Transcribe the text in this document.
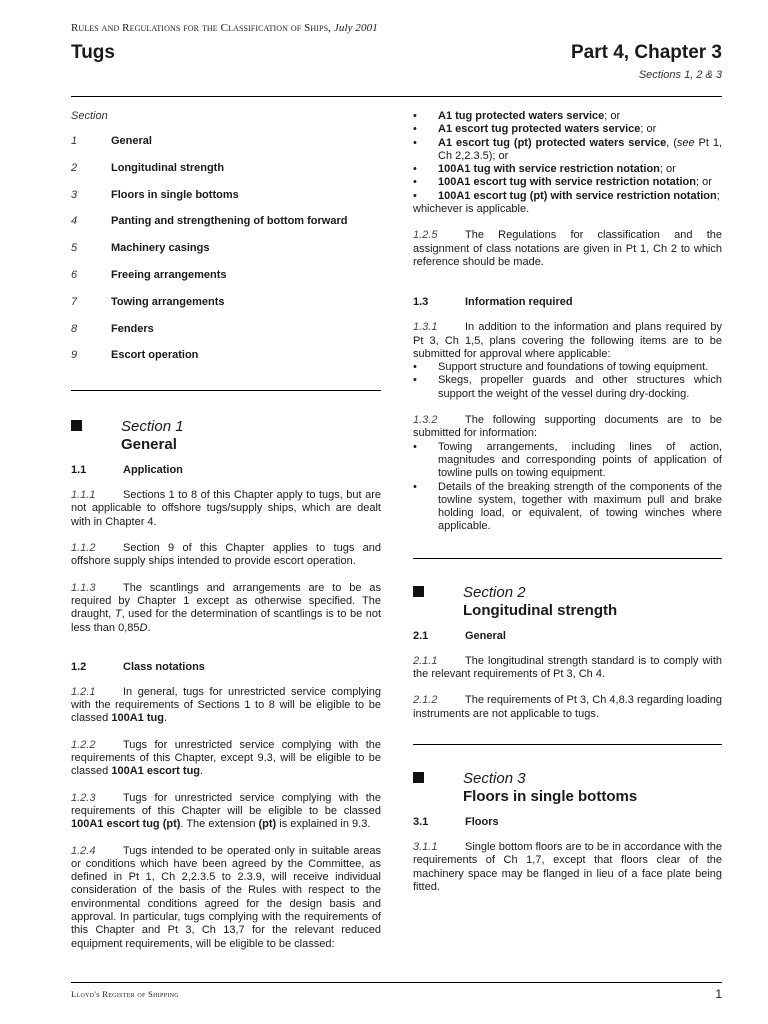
Rules and Regulations for the Classification of Ships, July 2001
Tugs	Part 4, Chapter 3
Sections 1, 2 & 3
Section
1	General
2	Longitudinal strength
3	Floors in single bottoms
4	Panting and strengthening of bottom forward
5	Machinery casings
6	Freeing arrangements
7	Towing arrangements
8	Fenders
9	Escort operation
Section 1
General
1.1	Application

1.1.1	Sections 1 to 8 of this Chapter apply to tugs, but are not applicable to offshore tugs/supply ships, which are dealt with in Chapter 4.

1.1.2	Section 9 of this Chapter applies to tugs and offshore supply ships intended to provide escort operation.

1.1.3	The scantlings and arrangements are to be as required by Chapter 1 except as otherwise specified. The draught, T, used for the determination of scantlings is to be not less than 0,85D.

1.2	Class notations

1.2.1	In general, tugs for unrestricted service complying with the requirements of Sections 1 to 8 will be eligible to be classed 100A1 tug.

1.2.2	Tugs for unrestricted service complying with the requirements of this Chapter, except 9.3, will be eligible to be classed 100A1 escort tug.

1.2.3	Tugs for unrestricted service complying with the requirements of this Chapter will be eligible to be classed 100A1 escort tug (pt). The extension (pt) is explained in 9.3.

1.2.4	Tugs intended to be operated only in suitable areas or conditions which have been agreed by the Committee, as defined in Pt 1, Ch 2,2.3.5 to 2.3.9, will receive individual consideration of the basis of the Rules with respect to the environmental conditions agreed for the design basis and approval. In particular, tugs complying with the requirements of this Chapter and Pt 3, Ch 13,7 for the relevant reduced equipment requirements, will be eligible to be classed:

• A1 tug protected waters service; or
• A1 escort tug protected waters service; or
• A1 escort tug (pt) protected waters service, (see Pt 1, Ch 2,2.3.5); or
• 100A1 tug with service restriction notation; or
• 100A1 escort tug with service restriction notation; or
• 100A1 escort tug (pt) with service restriction notation;

whichever is applicable.

1.2.5	The Regulations for classification and the assignment of class notations are given in Pt 1, Ch 2 to which reference should be made.

1.3	Information required

1.3.1	In addition to the information and plans required by Pt 3, Ch 1,5, plans covering the following items are to be submitted for approval where applicable:

• Support structure and foundations of towing equipment.
• Skegs, propeller guards and other structures which support the weight of the vessel during dry-docking.

1.3.2	The following supporting documents are to be submitted for information:

• Towing arrangements, including lines of action, magnitudes and corresponding points of application of towline pulls on towing equipment.
• Details of the breaking strength of the components of the towline system, together with maximum pull and brake holding load, or equivalent, of towing winches where applicable.
Section 2
Longitudinal strength
2.1	General

2.1.1	The longitudinal strength standard is to comply with the relevant requirements of Pt 3, Ch 4.

2.1.2	The requirements of Pt 3, Ch 4,8.3 regarding loading instruments are not applicable to tugs.

Section 3
Floors in single bottoms
3.1	Floors

3.1.1	Single bottom floors are to be in accordance with the requirements of Ch 1,7, except that floors clear of the machinery space may be flanged in lieu of a face plate being fitted.

Lloyd's Register of Shipping	1
